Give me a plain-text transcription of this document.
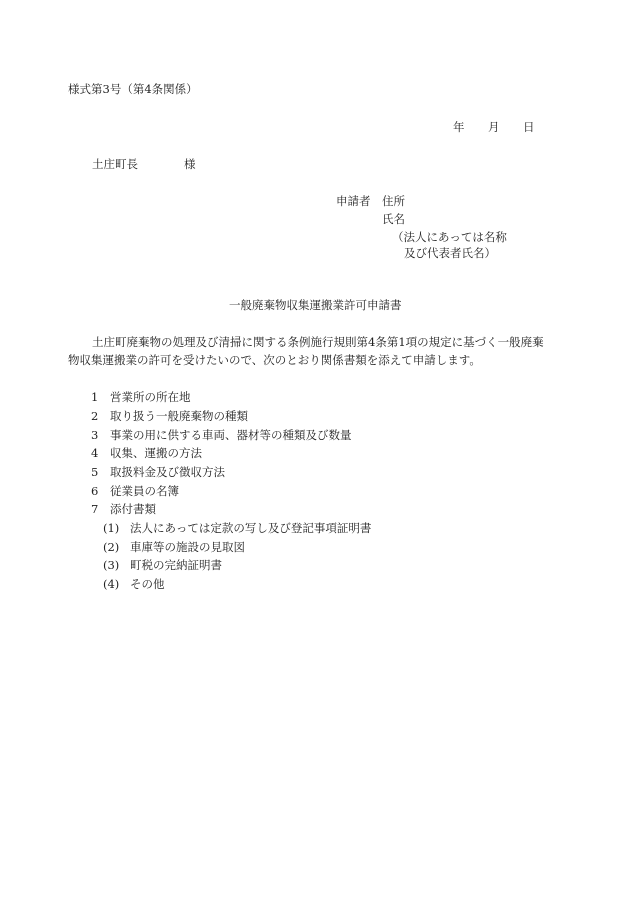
様式第3号（第4条関係）
年 月 日
土庄町長	様
申請者 住所
氏名
（法人にあっては名称
及び代表者氏名）
一般廃棄物収集運搬業許可申請書
土庄町廃棄物の処理及び清掃に関する条例施行規則第4条第1項の規定に基づく一般廃棄
物収集運搬業の許可を受けたいので、次のとおり関係書類を添えて申請します。
1 営業所の所在地
2 取り扱う一般廃棄物の種類
3 事業の用に供する車両、器材等の種類及び数量
4 収集、運搬の方法
5 取扱料金及び徴収方法
6 従業員の名簿
7 添付書類
(1) 法人にあっては定款の写し及び登記事項証明書
(2) 車庫等の施設の見取図
(3) 町税の完納証明書
(4) その他
